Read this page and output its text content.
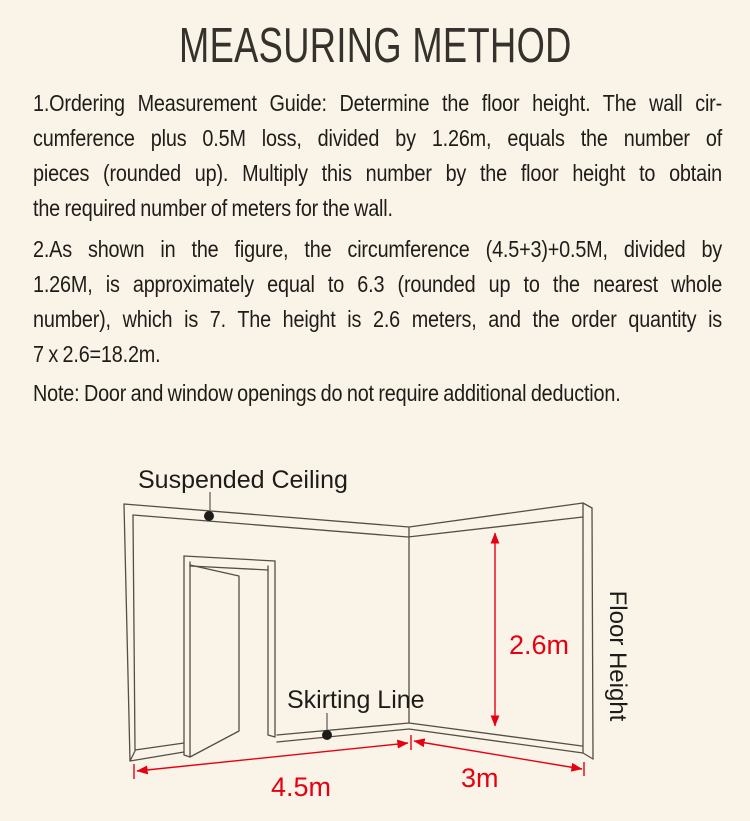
MEASURING METHOD
1.Ordering Measurement Guide: Determine the floor height. The wall cir-
cumference plus 0.5M loss, divided by 1.26m, equals the number of
pieces (rounded up). Multiply this number by the floor height to obtain
the required number of meters for the wall.
2.As shown in the figure, the circumference (4.5+3)+0.5M, divided by
1.26M, is approximately equal to 6.3 (rounded up to the nearest whole
number), which is 7. The height is 2.6 meters, and the order quantity is
7 x 2.6=18.2m.
Note: Door and window openings do not require additional deduction.
Suspended Ceiling
Skirting Line	Floor Height
2.6m
4.5m	3m
